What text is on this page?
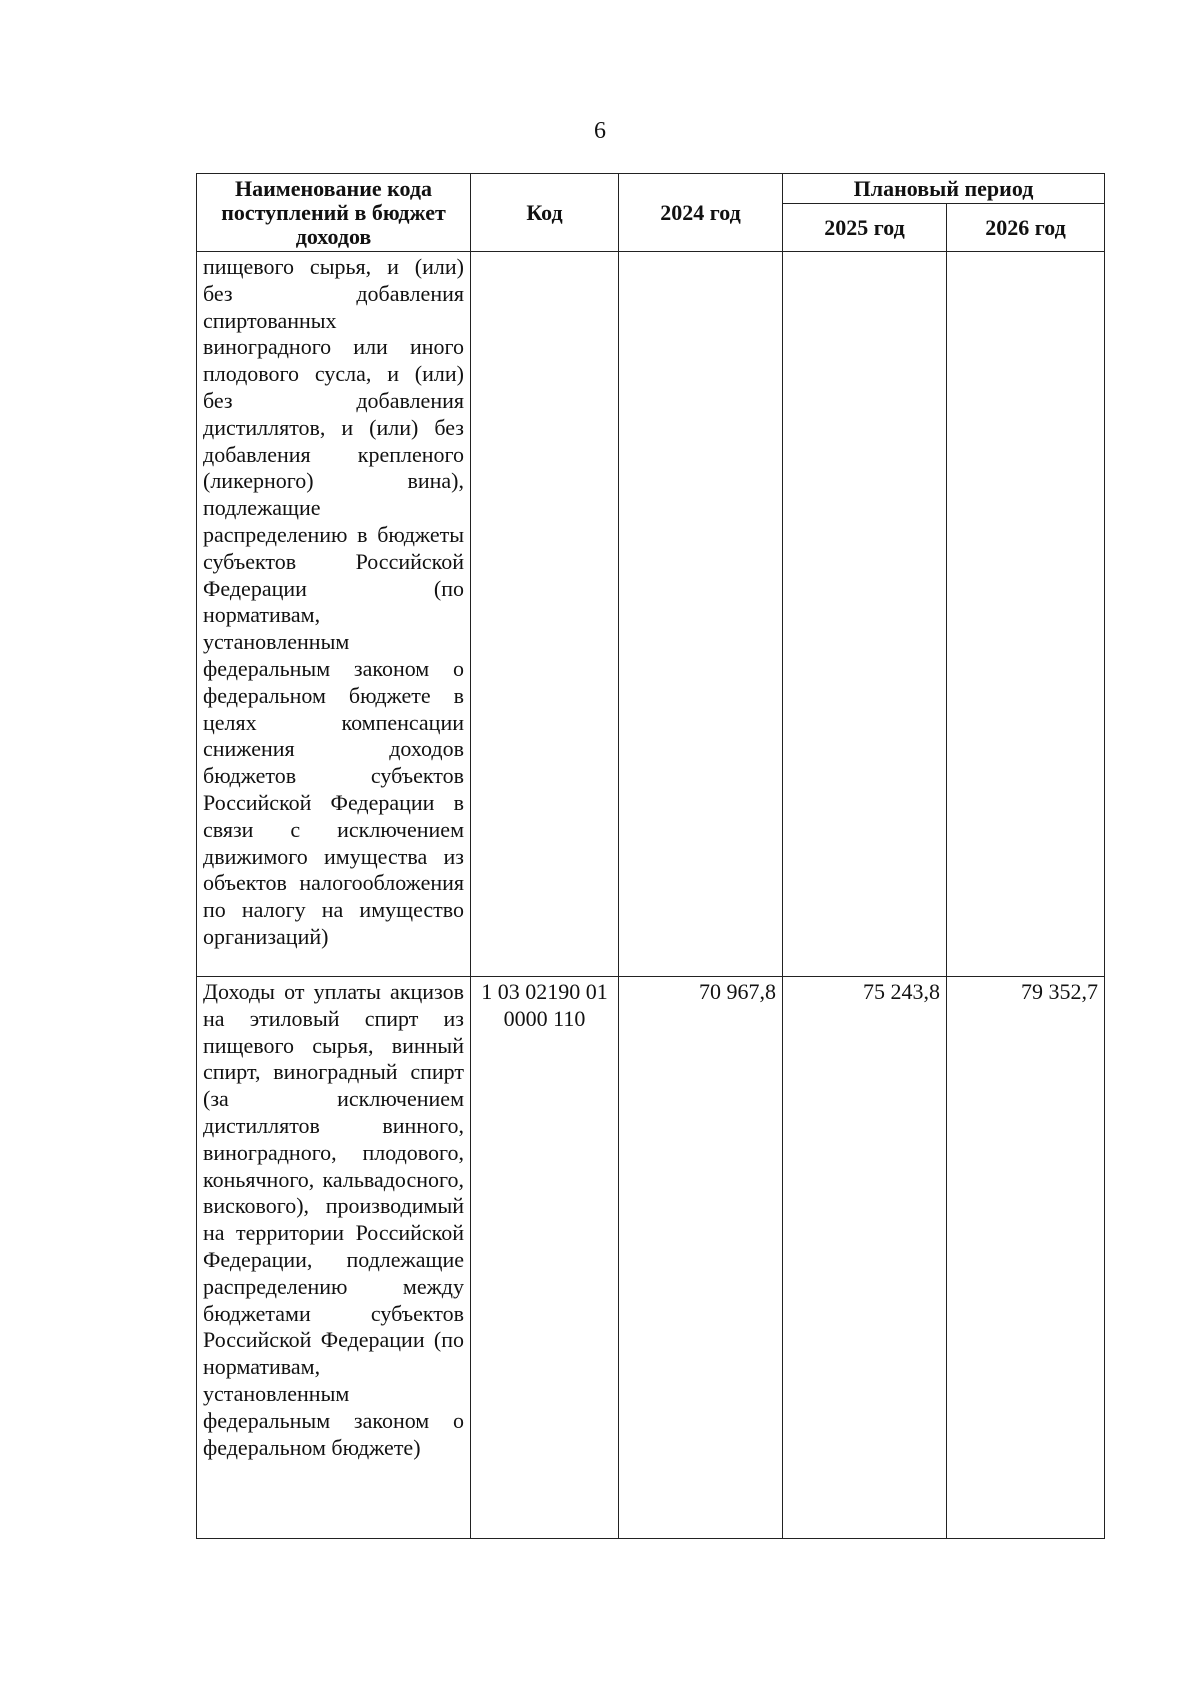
6
Наименование кода поступлений в бюджет доходов	Код	2024 год	Плановый период	
			2025 год	2026 год
пищевого сырья, и (или) без добавления спиртованных виноградного или иного плодового сусла, и (или) без добавления дистиллятов, и (или) без добавления крепленого (ликерного) вина), подлежащие распределению в бюджеты субъектов Российской Федерации (по нормативам, установленным федеральным законом о федеральном бюджете в целях компенсации снижения доходов бюджетов субъектов Российской Федерации в связи с исключением движимого имущества из объектов налогообложения по налогу на имущество организаций)				
Доходы от уплаты акцизов на этиловый спирт из пищевого сырья, винный спирт, виноградный спирт (за исключением дистиллятов винного, виноградного, плодового, коньячного, кальвадосного, вискового), производимый на территории Российской Федерации, подлежащие распределению между бюджетами субъектов Российской Федерации (по нормативам, установленным федеральным законом о федеральном бюджете)	1 03 02190 01 0000 110	70 967,8	75 243,8	79 352,7
